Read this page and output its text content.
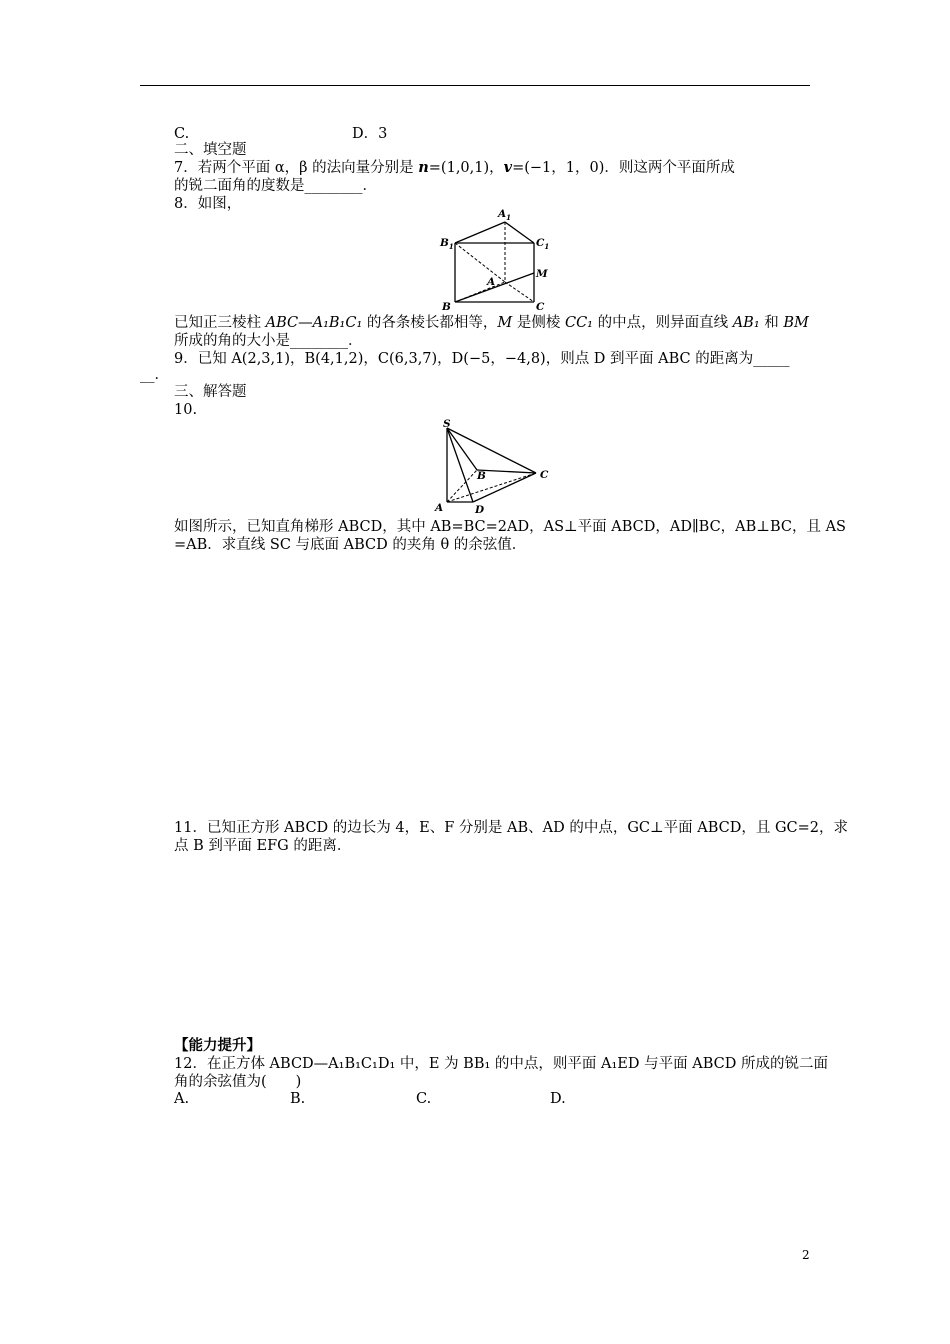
C.	D．3
二、填空题
7．若两个平面 α，β 的法向量分别是 n=(1,0,1)，v=(−1，1，0)．则这两个平面所成
的锐二面角的度数是________．
8．如图，
$A_1$
$B_1$	$C_1$
A
B	C
M
已知正三棱柱 ABC—A₁B₁C₁ 的各条棱长都相等，M 是侧棱 CC₁ 的中点，则异面直线 AB₁ 和 BM
所成的角的大小是________．
9．已知 A(2,3,1)，B(4,1,2)，C(6,3,7)，D(−5，−4,8)，则点 D 到平面 ABC 的距离为_____
__．
三、解答题
10.
S
A
B	C
D
如图所示，已知直角梯形 ABCD，其中 AB=BC=2AD，AS⊥平面 ABCD，AD∥BC，AB⊥BC，且 AS
=AB．求直线 SC 与底面 ABCD 的夹角 θ 的余弦值．
11．已知正方形 ABCD 的边长为 4，E、F 分别是 AB、AD 的中点，GC⊥平面 ABCD，且 GC=2，求
点 B 到平面 EFG 的距离．
【能力提升】
12．在正方体 ABCD—A₁B₁C₁D₁ 中，E 为 BB₁ 的中点，则平面 A₁ED 与平面 ABCD 所成的锐二面
角的余弦值为(　　)
A.	B.	C.	D.
2
